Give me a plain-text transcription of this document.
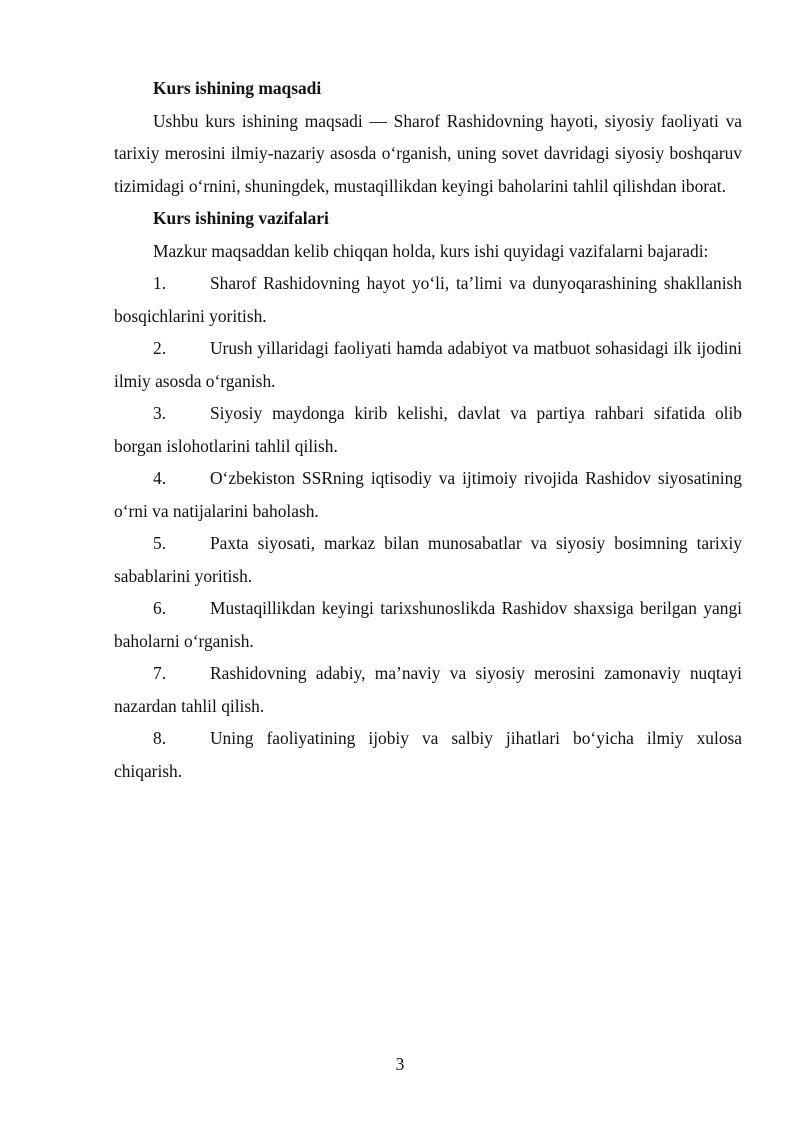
Kurs ishining maqsadi

Ushbu kurs ishining maqsadi — Sharof Rashidovning hayoti, siyosiy faoliyati va tarixiy merosini ilmiy-nazariy asosda o‘rganish, uning sovet davridagi siyosiy boshqaruv tizimidagi o‘rnini, shuningdek, mustaqillikdan keyingi baholarini tahlil qilishdan iborat.

Kurs ishining vazifalari

Mazkur maqsaddan kelib chiqqan holda, kurs ishi quyidagi vazifalarni bajaradi:

1.	Sharof Rashidovning hayot yo‘li, ta’limi va dunyoqarashining shakllanish bosqichlarini yoritish.

2.	Urush yillaridagi faoliyati hamda adabiyot va matbuot sohasidagi ilk ijodini ilmiy asosda o‘rganish.

3.	Siyosiy maydonga kirib kelishi, davlat va partiya rahbari sifatida olib borgan islohotlarini tahlil qilish.

4.	O‘zbekiston SSRning iqtisodiy va ijtimoiy rivojida Rashidov siyosatining o‘rni va natijalarini baholash.

5.	Paxta siyosati, markaz bilan munosabatlar va siyosiy bosimning tarixiy sabablarini yoritish.

6.	Mustaqillikdan keyingi tarixshunoslikda Rashidov shaxsiga berilgan yangi baholarni o‘rganish.

7.	Rashidovning adabiy, ma’naviy va siyosiy merosini zamonaviy nuqtayi nazardan tahlil qilish.

8.	Uning faoliyatining ijobiy va salbiy jihatlari bo‘yicha ilmiy xulosa chiqarish.

3
